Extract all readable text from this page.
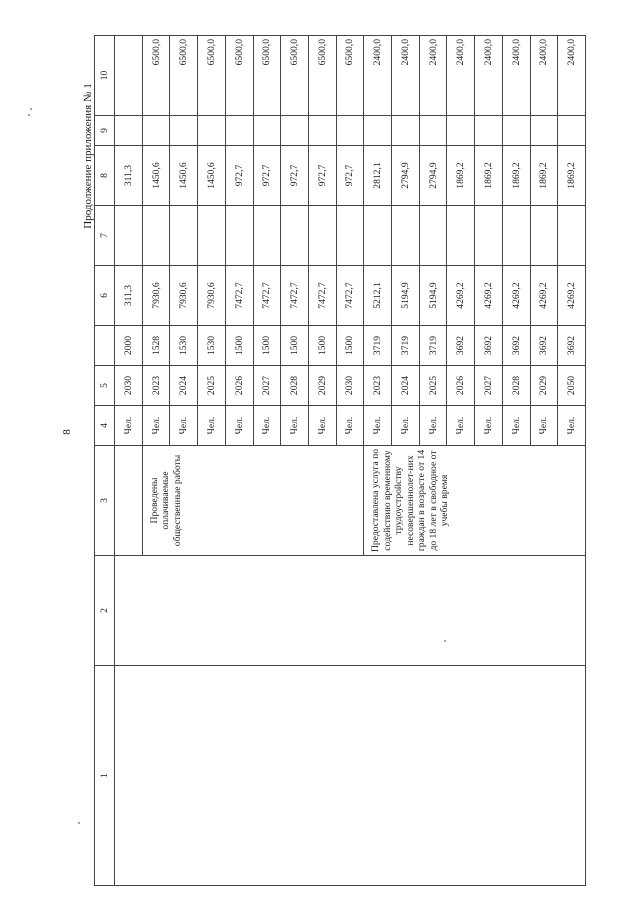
8
Продолжение приложения № 1
1	2	3	4	5		6	7	8	9	10
			Чел.	2030	2000	311,3		311,3		
		Проведены оплачиваемые общественные работы	Чел.	2023	1528	7930,6		1450,6		6500,0
			Чел.	2024	1530	7930,6		1450,6		6500,0
			Чел.	2025	1530	7930,6		1450,6		6500,0
			Чел.	2026	1500	7472,7		972,7		6500,0
			Чел.	2027	1500	7472,7		972,7		6500,0
			Чел.	2028	1500	7472,7		972,7		6500,0
			Чел.	2029	1500	7472,7		972,7		6500,0
			Чел.	2030	1500	7472,7		972,7		6500,0
		Предоставлена услуга по содействию временному трудоустройству несовершеннолет-них граждан в возрасте от 14 до 18 лет в свободное от учебы время	Чел.	2023	3719	5212,1		2812,1		2400,0
			Чел.	2024	3719	5194,9		2794,9		2400,0
			Чел.	2025	3719	5194,9		2794,9		2400,0
			Чел.	2026	3692	4269,2		1869,2		2400,0
			Чел.	2027	3692	4269,2		1869,2		2400,0
			Чел.	2028	3692	4269,2		1869,2		2400,0
			Чел.	2029	3692	4269,2		1869,2		2400,0
			Чел.	2050	3692	4269,2		1869,2		2400,0
